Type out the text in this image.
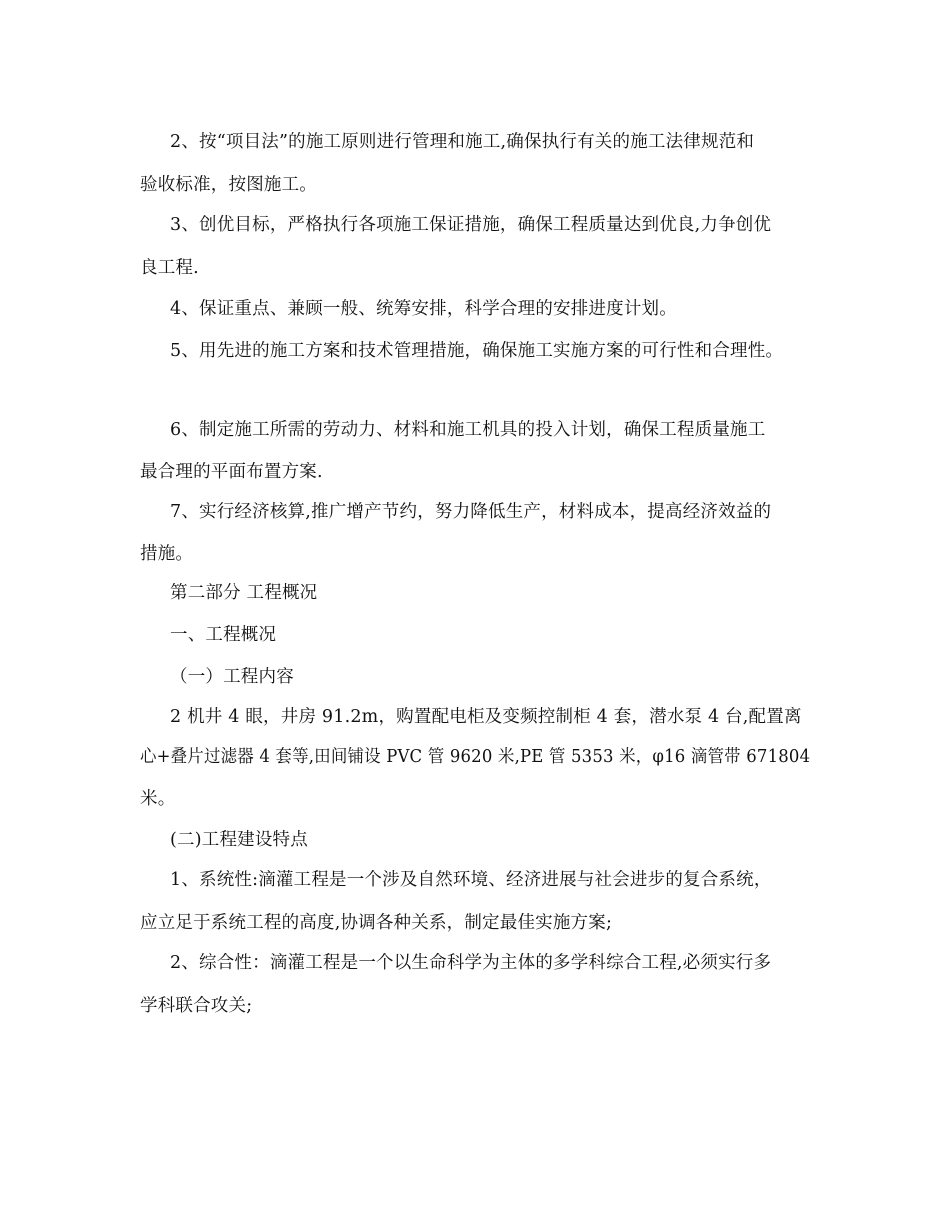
2、按“项目法”的施工原则进行管理和施工,确保执行有关的施工法律规范和
验收标准，按图施工。
3、创优目标，严格执行各项施工保证措施，确保工程质量达到优良,力争创优
良工程.
4、保证重点、兼顾一般、统筹安排，科学合理的安排进度计划。
5、用先进的施工方案和技术管理措施，确保施工实施方案的可行性和合理性。
6、制定施工所需的劳动力、材料和施工机具的投入计划，确保工程质量施工
最合理的平面布置方案.
7、实行经济核算,推广增产节约，努力降低生产，材料成本，提高经济效益的
措施。
第二部分 工程概况
一、工程概况
（一）工程内容
2 机井 4 眼，井房 91.2m，购置配电柜及变频控制柜 4 套，潜水泵 4 台,配置离
心+叠片过滤器 4 套等,田间铺设 PVC 管 9620 米,PE 管 5353 米，φ16 滴管带 671804
米。
(二)工程建设特点
1、系统性:滴灌工程是一个涉及自然环境、经济进展与社会进步的复合系统，
应立足于系统工程的高度,协调各种关系，制定最佳实施方案;
2、综合性：滴灌工程是一个以生命科学为主体的多学科综合工程,必须实行多
学科联合攻关;
